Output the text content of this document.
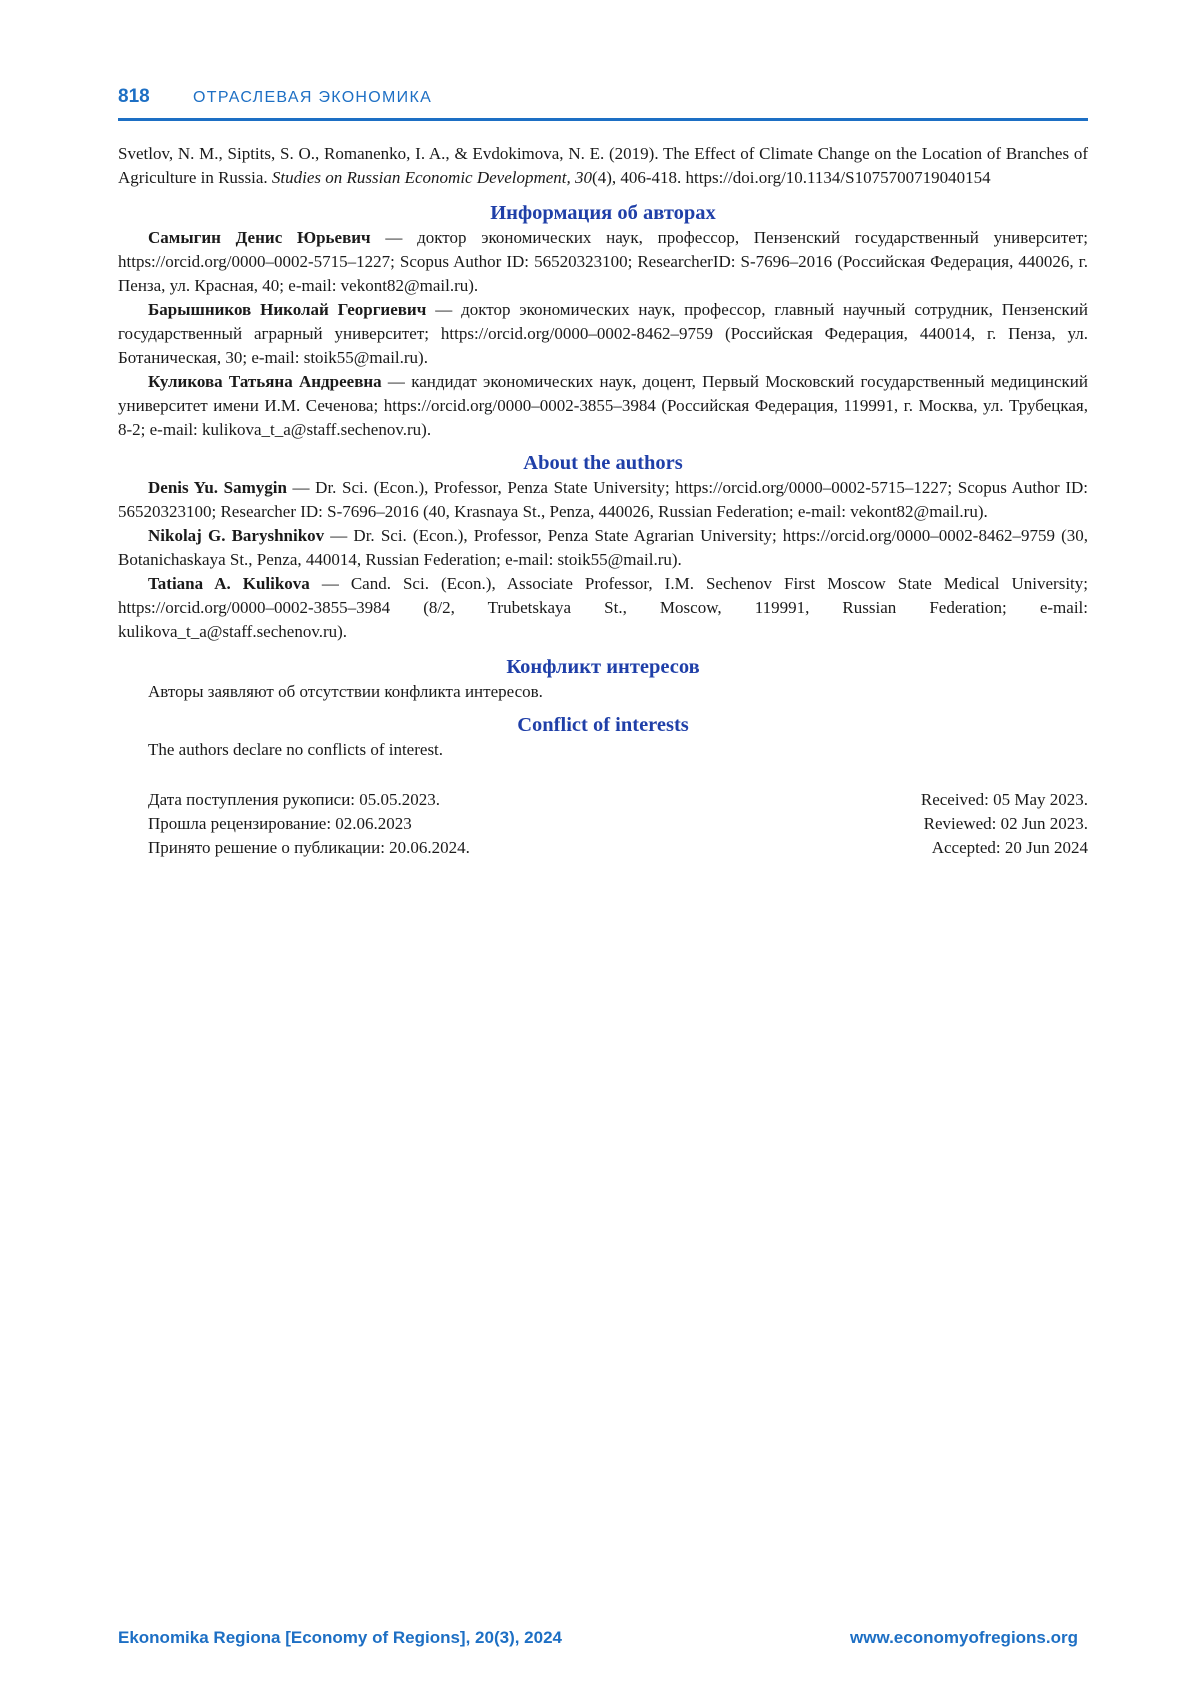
818	ОТРАСЛЕВАЯ ЭКОНОМИКА

Svetlov, N. M., Siptits, S. O., Romanenko, I. A., & Evdokimova, N. E. (2019). The Effect of Climate Change on the Location of Branches of Agriculture in Russia. Studies on Russian Economic Development, 30(4), 406-418. https://doi.org/10.1134/S1075700719040154

Информация об авторах

Самыгин Денис Юрьевич — доктор экономических наук, профессор, Пензенский государственный университет; https://orcid.org/0000–0002-5715–1227; Scopus Author ID: 56520323100; ResearcherID: S-7696–2016 (Российская Федерация, 440026, г. Пенза, ул. Красная, 40; e-mail: vekont82@mail.ru).

Барышников Николай Георгиевич — доктор экономических наук, профессор, главный научный сотрудник, Пензенский государственный аграрный университет; https://orcid.org/0000–0002-8462–9759 (Российская Федерация, 440014, г. Пенза, ул. Ботаническая, 30; e-mail: stoik55@mail.ru).

Куликова Татьяна Андреевна — кандидат экономических наук, доцент, Первый Московский государственный медицинский университет имени И.М. Сеченова; https://orcid.org/0000–0002-3855–3984 (Российская Федерация, 119991, г. Москва, ул. Трубецкая, 8-2; e-mail: kulikova_t_a@staff.sechenov.ru).

About the authors

Denis Yu. Samygin — Dr. Sci. (Econ.), Professor, Penza State University; https://orcid.org/0000–0002-5715–1227; Scopus Author ID: 56520323100; Researcher ID: S-7696–2016 (40, Krasnaya St., Penza, 440026, Russian Federation; e-mail: vekont82@mail.ru).

Nikolaj G. Baryshnikov — Dr. Sci. (Econ.), Professor, Penza State Agrarian University; https://orcid.org/0000–0002-8462–9759 (30, Botanichaskaya St., Penza, 440014, Russian Federation; e-mail: stoik55@mail.ru).

Tatiana A. Kulikova — Cand. Sci. (Econ.), Associate Professor, I.M. Sechenov First Moscow State Medical University; https://orcid.org/0000–0002-3855–3984 (8/2, Trubetskaya St., Moscow, 119991, Russian Federation; e-mail: kulikova_t_a@staff.sechenov.ru).

Конфликт интересов

Авторы заявляют об отсутствии конфликта интересов.

Conflict of interests

The authors declare no conflicts of interest.

Дата поступления рукописи: 05.05.2023.
Прошла рецензирование: 02.06.2023
Принято решение о публикации: 20.06.2024.
Received: 05 May 2023.
Reviewed: 02 Jun 2023.
Accepted: 20 Jun 2024
Ekonomika Regiona [Economy of Regions], 20(3), 2024	www.economyofregions.org
